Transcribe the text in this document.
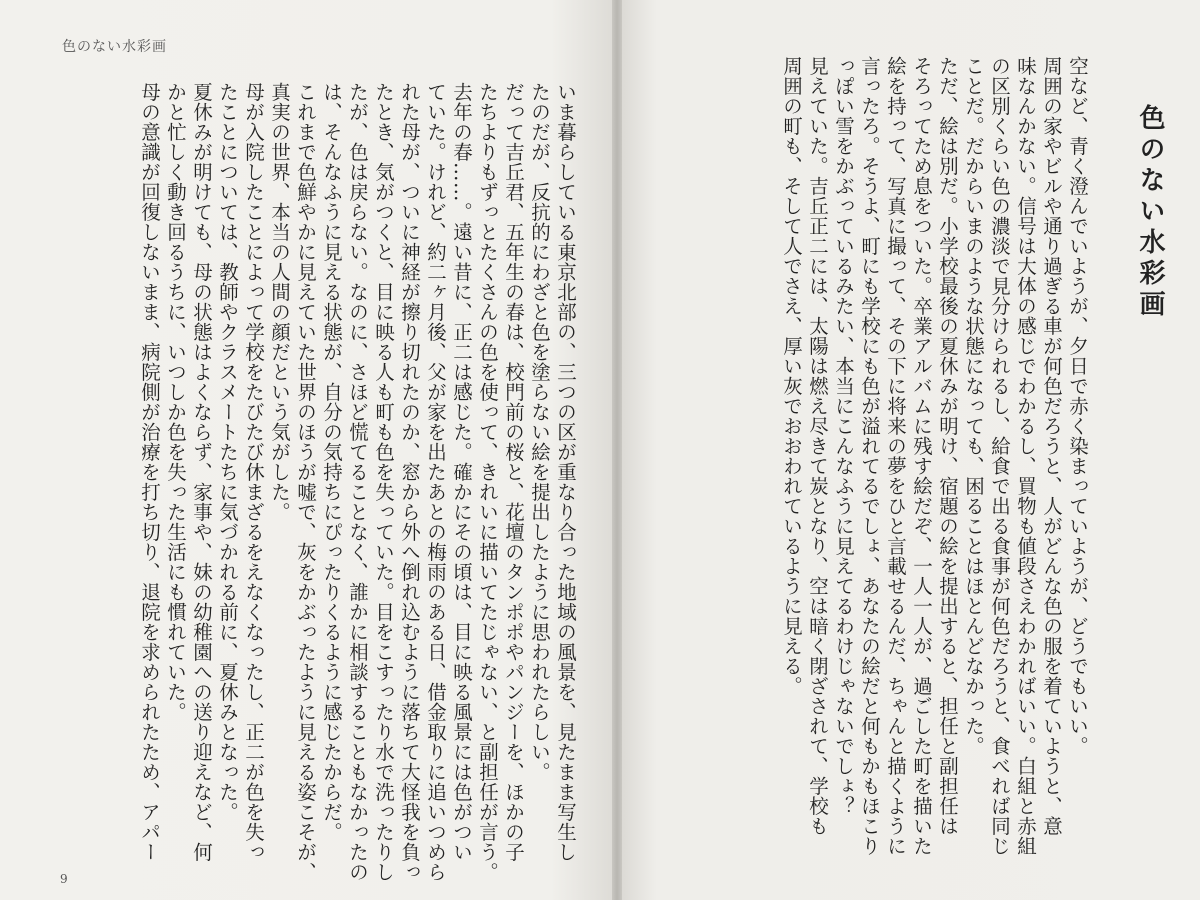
色のない水彩画

いま暮らしている東京北部の、三つの区が重なり合った地域の風景を、見たまま写生し

たのだが、反抗的にわざと色を塗らない絵を提出したように思われたらしい。

だって吉丘君、五年生の春は、校門前の桜と、花壇のタンポポやパンジーを、ほかの子

たちよりもずっとたくさんの色を使って、きれいに描いてたじゃない、と副担任が言う。

去年の春……。遠い昔に、正二は感じた。確かにその頃は、目に映る風景には色がつい

ていた。けれど、約二ヶ月後、父が家を出たあとの梅雨のある日、借金取りに追いつめら

れた母が、ついに神経が擦り切れたのか、窓から外へ倒れ込むように落ちて大怪我を負っ

たとき、気がつくと、目に映る人も町も色を失っていた。目をこすったり水で洗ったりし

たが、色は戻らない。なのに、さほど慌てることなく、誰かに相談することもなかったの

は、そんなふうに見える状態が、自分の気持ちにぴったりくるように感じたからだ。

これまで色鮮やかに見えていた世界のほうが嘘で、灰をかぶったように見える姿こそが、

真実の世界、本当の人間の顔だという気がした。

母が入院したことによって学校をたびたび休まざるをえなくなったし、正二が色を失っ

たことについては、教師やクラスメートたちに気づかれる前に、夏休みとなった。

夏休みが明けても、母の状態はよくならず、家事や、妹の幼稚園への送り迎えなど、何

かと忙しく動き回るうちに、いつしか色を失った生活にも慣れていた。

母の意識が回復しないまま、病院側が治療を打ち切り、退院を求められたため、アパー

9

空など、青く澄んでいようが、夕日で赤く染まっていようが、どうでもいい。

周囲の家やビルや通り過ぎる車が何色だろうと、人がどんな色の服を着ていようと、意

味なんかない。信号は大体の感じでわかるし、買物も値段さえわかればいい。白組と赤組

の区別くらい色の濃淡で見分けられるし、給食で出る食事が何色だろうと、食べれば同じ

ことだ。だからいまのような状態になっても、困ることはほとんどなかった。

ただ、絵は別だ。小学校最後の夏休みが明け、宿題の絵を提出すると、担任と副担任は

そろってため息をついた。卒業アルバムに残す絵だぞ、一人一人が、過ごした町を描いた

絵を持って、写真に撮って、その下に将来の夢をひと言載せるんだ、ちゃんと描くように

言ったろ。そうよ、町にも学校にも色が溢れてるでしょ、あなたの絵だと何もかもほこり

っぽい雪をかぶっているみたい、本当にこんなふうに見えてるわけじゃないでしょ？

見えていた。吉丘正二には、太陽は燃え尽きて炭となり、空は暗く閉ざされて、学校も

周囲の町も、そして人でさえ、厚い灰でおおわれているように見える。	色のない水彩画
